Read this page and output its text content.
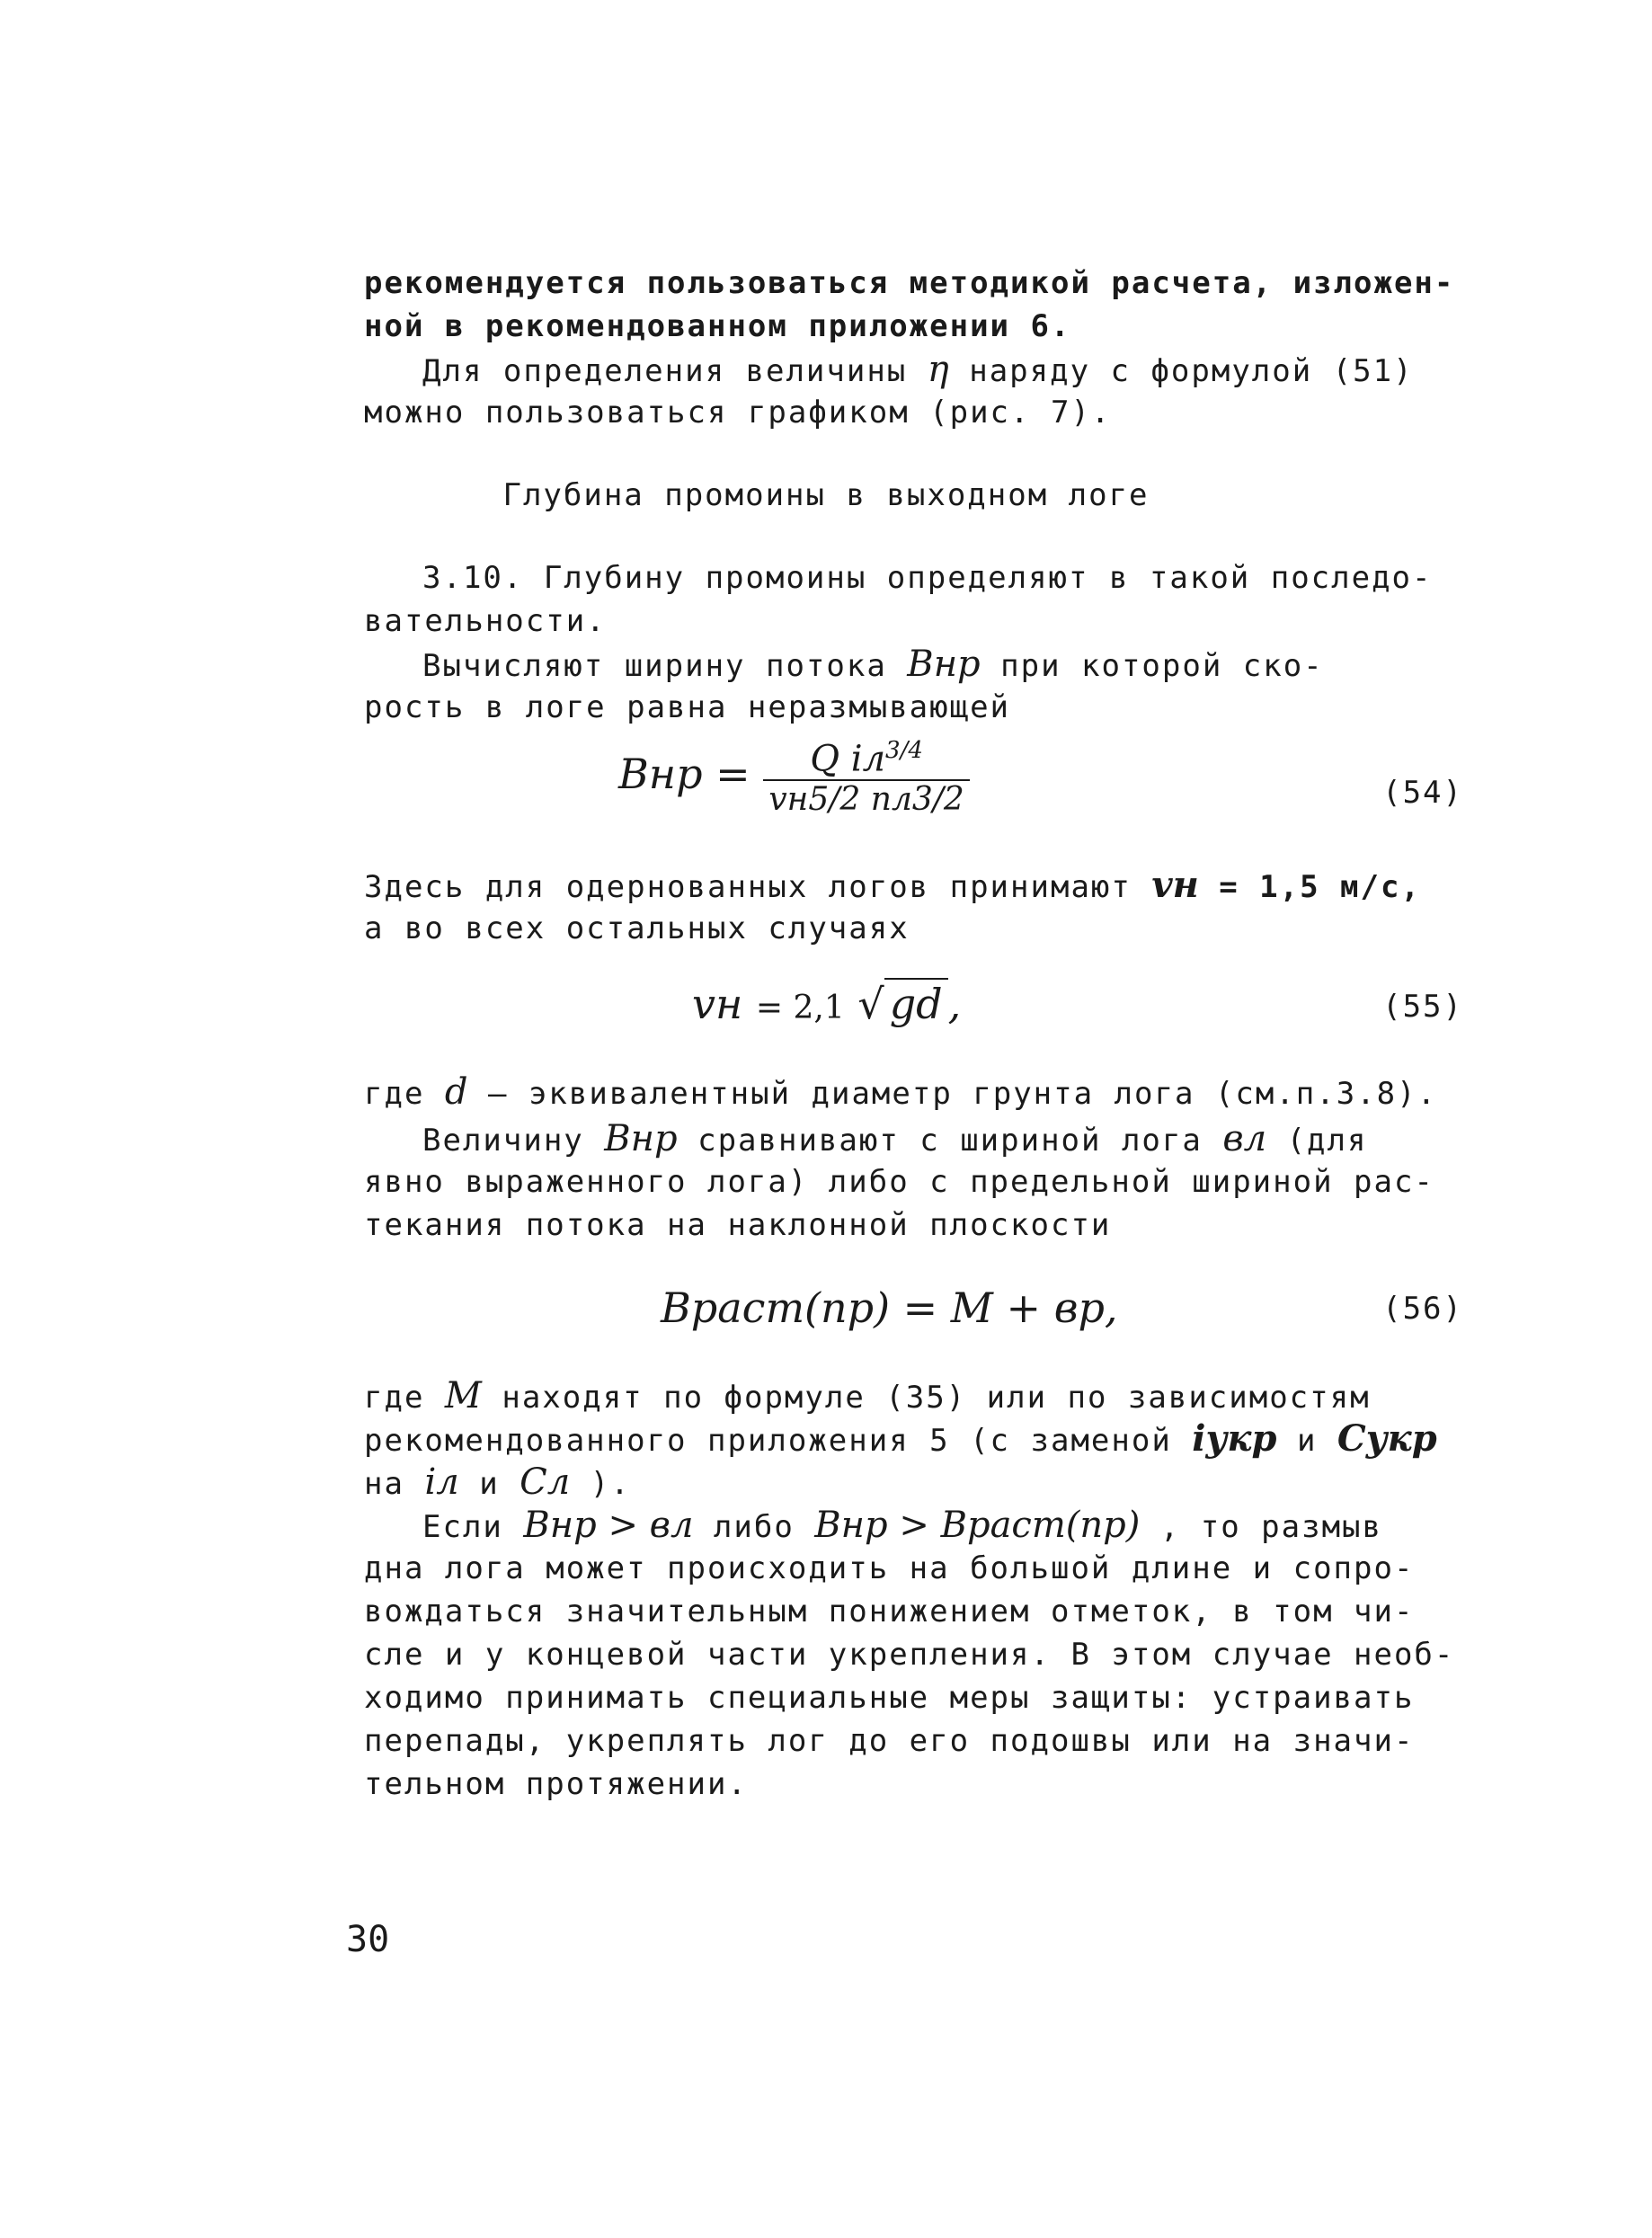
рекомендуется пользоваться методикой расчета, изложен-
ной в рекомендованном приложении 6.
Для определения величины η наряду с формулой (51)
можно пользоваться графиком (рис. 7).
Глубина промоины в выходном логе
3.10. Глубину промоины определяют в такой последо-
вательности.
Вычисляют ширину потока Внр при которой ско-
рость в логе равна неразмывающей
Bнр = $\frac{Q iл^{3/4}}{vн5/2 nл3/2}$	(54)
Здесь для одернованных логов принимают vн = 1,5 м/с,
а во всех остальных случаях
vн = 2,1 √ gd ,	(55)
где d – эквивалентный диаметр грунта лога (см.п.3.8).
Величину Внр сравнивают с шириной лога вл (для
явно выраженного лога) либо с предельной шириной рас-
текания потока на наклонной плоскости
Враст(пр) = M + вр,	(56)
где M находят по формуле (35) или по зависимостям
рекомендованного приложения 5 (с заменой iукр и Cукр
на iл и Cл ).
Если Внр > вл либо Внр > Враст(пр) , то размыв
дна лога может происходить на большой длине и сопро-
вождаться значительным понижением отметок, в том чи-
сле и у концевой части укрепления. В этом случае необ-
ходимо принимать специальные меры защиты: устраивать
перепады, укреплять лог до его подошвы или на значи-
тельном протяжении.
30
